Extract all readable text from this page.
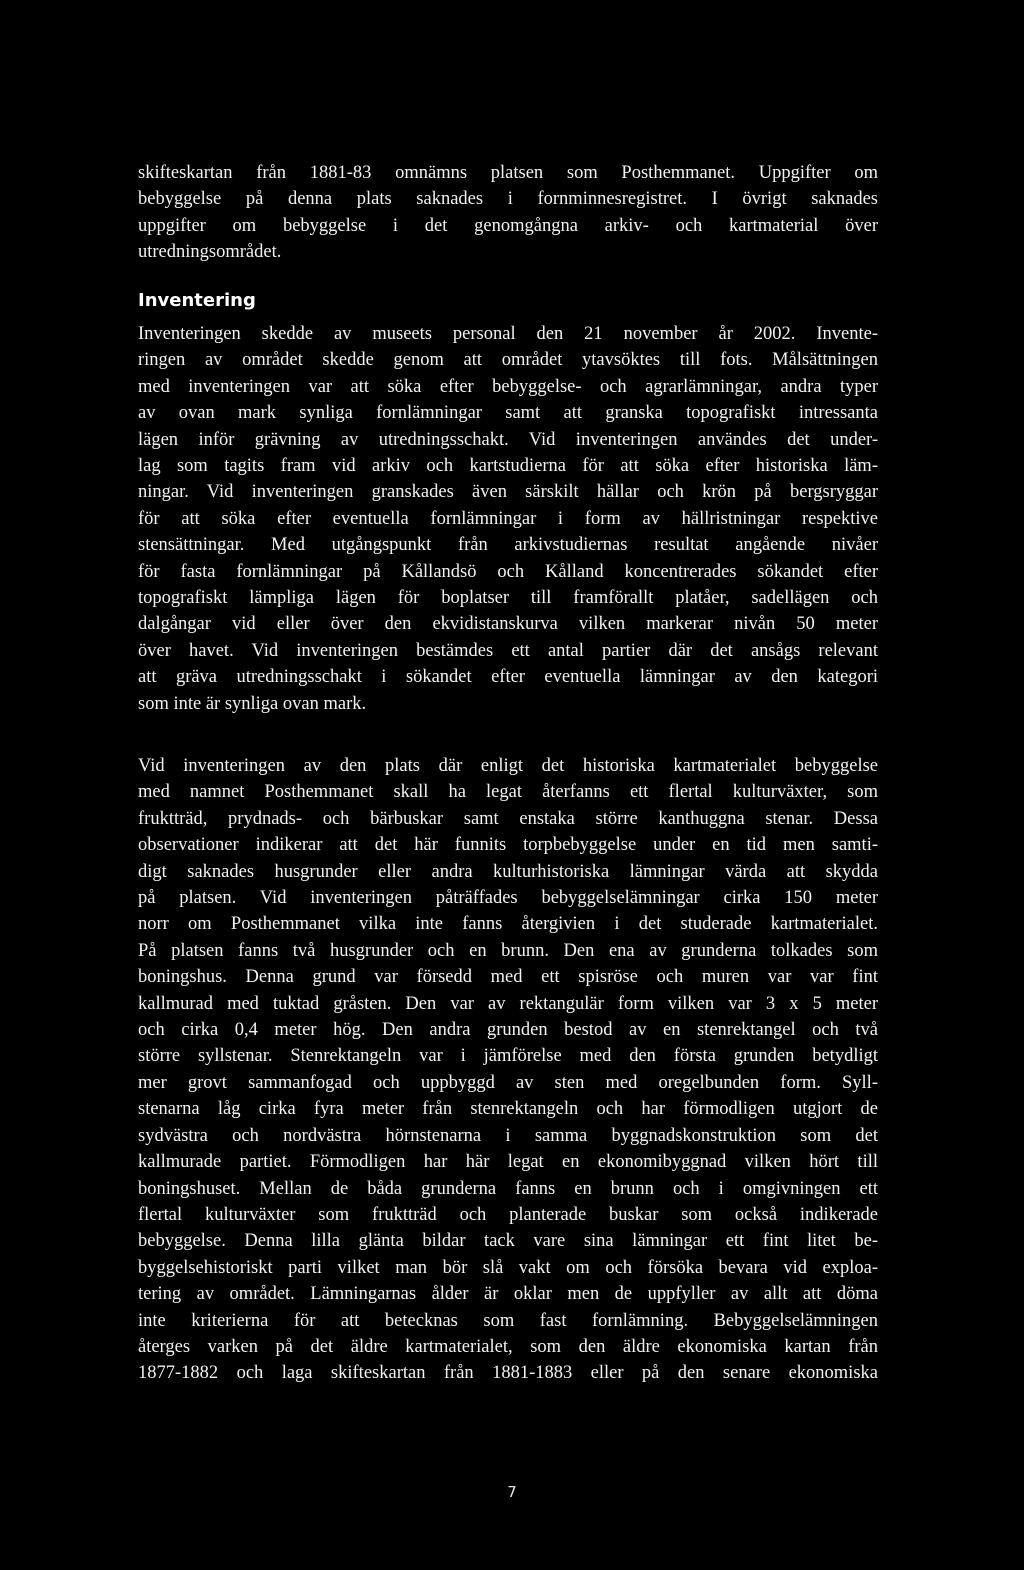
skifteskartan från 1881-83 omnämns platsen som Posthemmanet. Uppgifter om
bebyggelse på denna plats saknades i fornminnesregistret. I övrigt saknades
uppgifter om bebyggelse i det genomgångna arkiv- och kartmaterial över
utredningsområdet.
Inventering
Inventeringen skedde av museets personal den 21 november år 2002. Invente-
ringen av området skedde genom att området ytavsöktes till fots. Målsättningen
med inventeringen var att söka efter bebyggelse- och agrarlämningar, andra typer
av ovan mark synliga fornlämningar samt att granska topografiskt intressanta
lägen inför grävning av utredningsschakt. Vid inventeringen användes det under-
lag som tagits fram vid arkiv och kartstudierna för att söka efter historiska läm-
ningar. Vid inventeringen granskades även särskilt hällar och krön på bergsryggar
för att söka efter eventuella fornlämningar i form av hällristningar respektive
stensättningar. Med utgångspunkt från arkivstudiernas resultat angående nivåer
för fasta fornlämningar på Kållandsö och Kålland koncentrerades sökandet efter
topografiskt lämpliga lägen för boplatser till framförallt platåer, sadellägen och
dalgångar vid eller över den ekvidistanskurva vilken markerar nivån 50 meter
över havet. Vid inventeringen bestämdes ett antal partier där det ansågs relevant
att gräva utredningsschakt i sökandet efter eventuella lämningar av den kategori
som inte är synliga ovan mark.
Vid inventeringen av den plats där enligt det historiska kartmaterialet bebyggelse
med namnet Posthemmanet skall ha legat återfanns ett flertal kulturväxter, som
fruktträd, prydnads- och bärbuskar samt enstaka större kanthuggna stenar. Dessa
observationer indikerar att det här funnits torpbebyggelse under en tid men samti-
digt saknades husgrunder eller andra kulturhistoriska lämningar värda att skydda
på platsen. Vid inventeringen påträffades bebyggelselämningar cirka 150 meter
norr om Posthemmanet vilka inte fanns återgivien i det studerade kartmaterialet.
På platsen fanns två husgrunder och en brunn. Den ena av grunderna tolkades som
boningshus. Denna grund var försedd med ett spisröse och muren var var fint
kallmurad med tuktad gråsten. Den var av rektangulär form vilken var 3 x 5 meter
och cirka 0,4 meter hög. Den andra grunden bestod av en stenrektangel och två
större syllstenar. Stenrektangeln var i jämförelse med den första grunden betydligt
mer grovt sammanfogad och uppbyggd av sten med oregelbunden form. Syll-
stenarna låg cirka fyra meter från stenrektangeln och har förmodligen utgjort de
sydvästra och nordvästra hörnstenarna i samma byggnadskonstruktion som det
kallmurade partiet. Förmodligen har här legat en ekonomibyggnad vilken hört till
boningshuset. Mellan de båda grunderna fanns en brunn och i omgivningen ett
flertal kulturväxter som fruktträd och planterade buskar som också indikerade
bebyggelse. Denna lilla glänta bildar tack vare sina lämningar ett fint litet be-
byggelsehistoriskt parti vilket man bör slå vakt om och försöka bevara vid exploa-
tering av området. Lämningarnas ålder är oklar men de uppfyller av allt att döma
inte kriterierna för att betecknas som fast fornlämning. Bebyggelselämningen
återges varken på det äldre kartmaterialet, som den äldre ekonomiska kartan från
1877-1882 och laga skifteskartan från 1881-1883 eller på den senare ekonomiska
7
